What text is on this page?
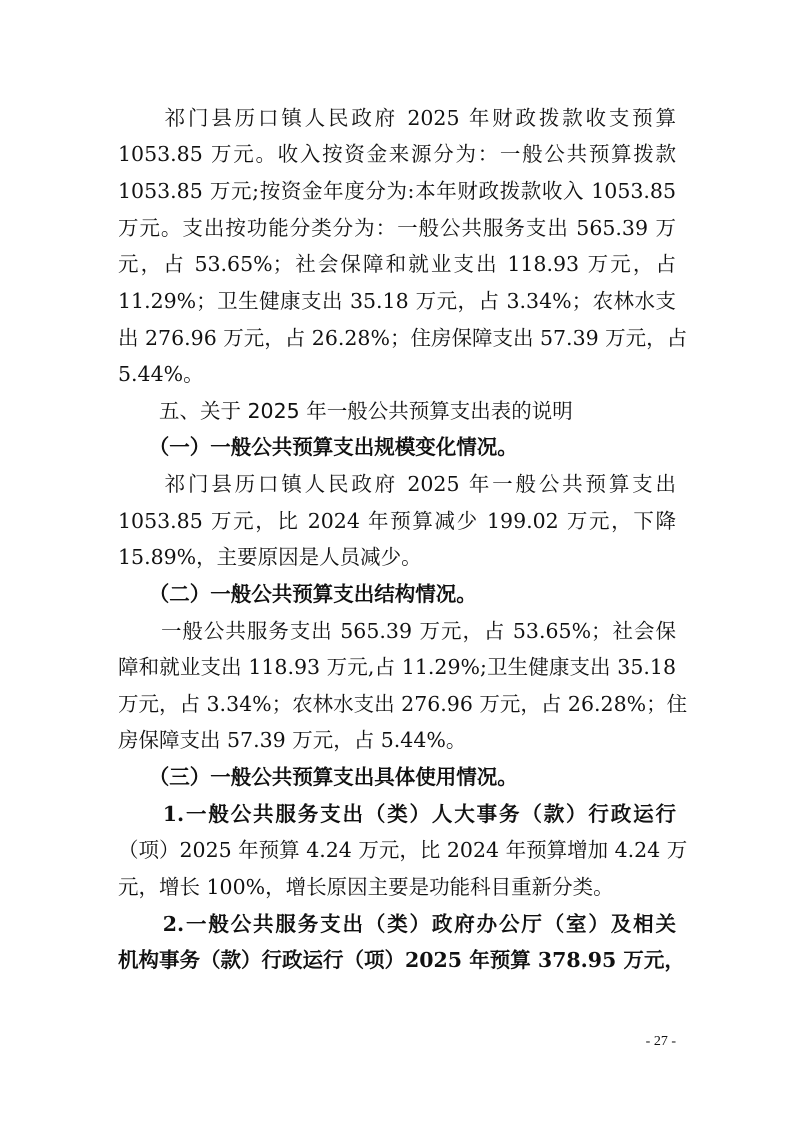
　　祁门县历口镇人民政府 2025 年财政拨款收支预算
1053.85 万元。收入按资金来源分为：一般公共预算拨款
1053.85 万元;按资金年度分为:本年财政拨款收入 1053.85
万元。支出按功能分类分为：一般公共服务支出 565.39 万
元，占 53.65%；社会保障和就业支出 118.93 万元，占
11.29%；卫生健康支出 35.18 万元，占 3.34%；农林水支
出 276.96 万元，占 26.28%；住房保障支出 57.39 万元，占
5.44%。
　　五、关于 2025 年一般公共预算支出表的说明
　　（一）一般公共预算支出规模变化情况。
　　祁门县历口镇人民政府 2025 年一般公共预算支出
1053.85 万元，比 2024 年预算减少 199.02 万元，下降
15.89%，主要原因是人员减少。
　　（二）一般公共预算支出结构情况。
　　一般公共服务支出 565.39 万元，占 53.65%；社会保
障和就业支出 118.93 万元,占 11.29%;卫生健康支出 35.18
万元，占 3.34%；农林水支出 276.96 万元，占 26.28%；住
房保障支出 57.39 万元，占 5.44%。
　　（三）一般公共预算支出具体使用情况。
　　1.一般公共服务支出（类）人大事务（款）行政运行
（项）2025 年预算 4.24 万元，比 2024 年预算增加 4.24 万
元，增长 100%，增长原因主要是功能科目重新分类。
　　2.一般公共服务支出（类）政府办公厅（室）及相关
机构事务（款）行政运行（项）2025 年预算 378.95 万元，
- 27 -
